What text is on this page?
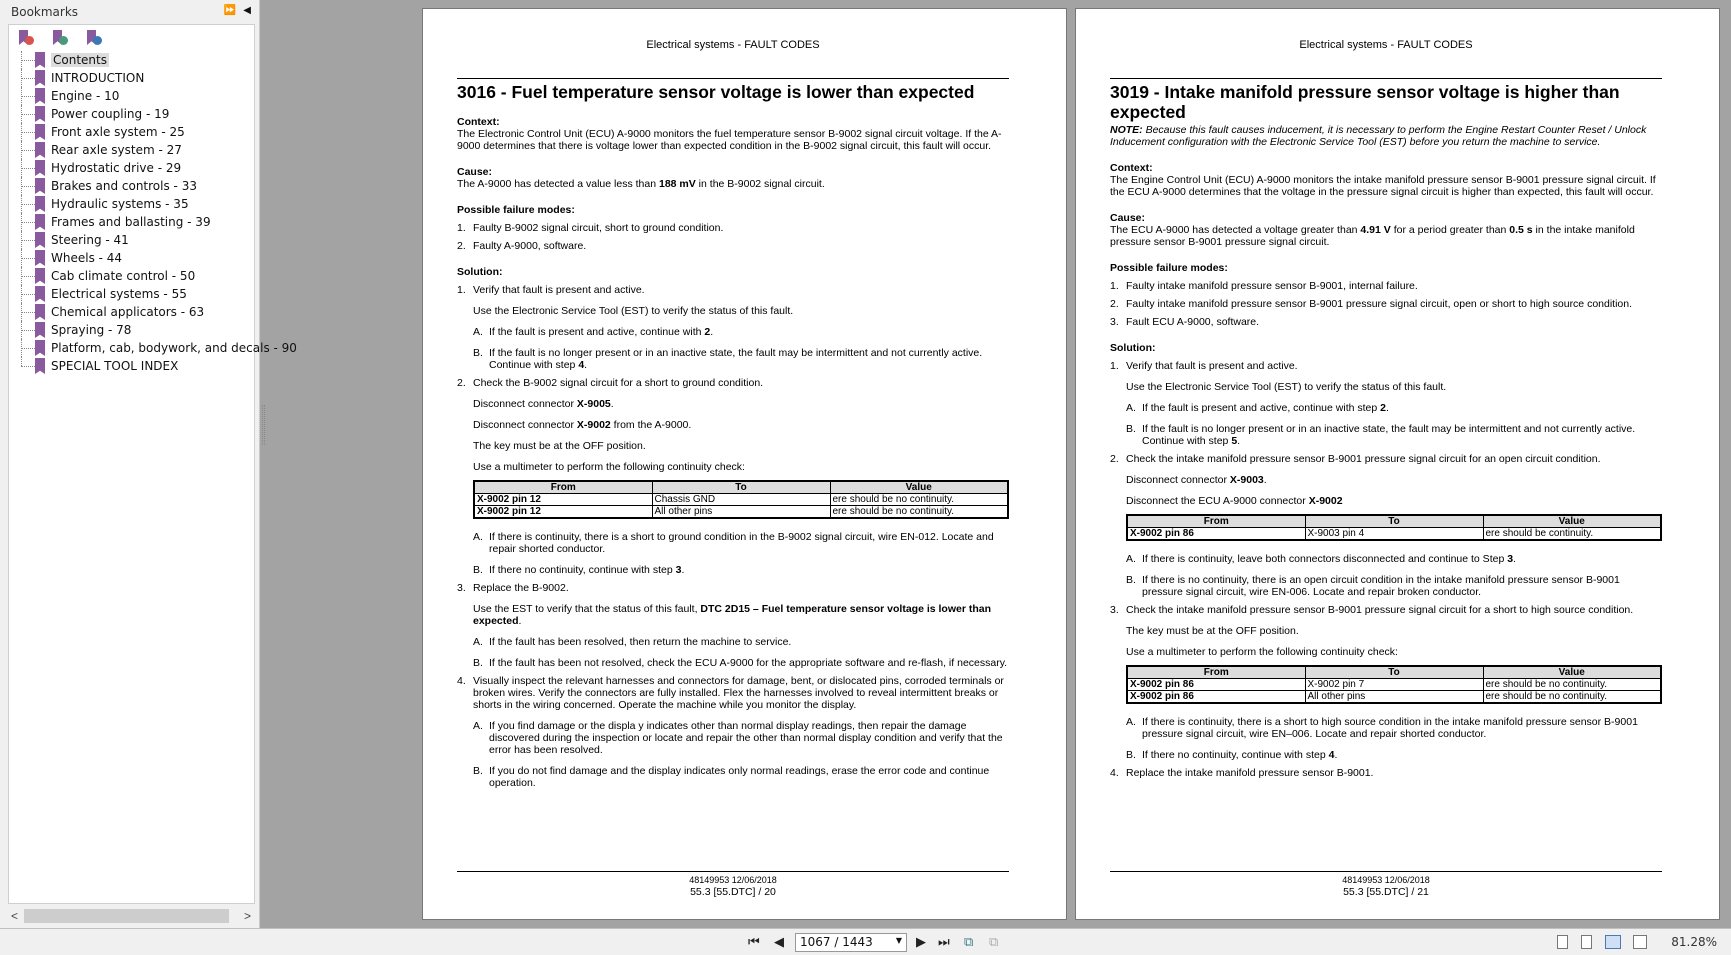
Bookmarks	⏩ ◀
Contents
INTRODUCTION
Engine - 10
Power coupling - 19
Front axle system - 25
Rear axle system - 27
Hydrostatic drive - 29
Brakes and controls - 33
Hydraulic systems - 35
Frames and ballasting - 39
Steering - 41
Wheels - 44
Cab climate control - 50
Electrical systems - 55
Chemical applicators - 63
Spraying - 78
Platform, cab, bodywork, and decals - 90
SPECIAL TOOL INDEX
<	>
Electrical systems - FAULT CODES
3016 - Fuel temperature sensor voltage is lower than expected
Context:
The Electronic Control Unit (ECU) A-9000 monitors the fuel temperature sensor B-9002 signal circuit voltage. If the A-9000 determines that there is voltage lower than expected condition in the B-9002 signal circuit, this fault will occur.
Cause:
The A-9000 has detected a value less than 188 mV in the B-9002 signal circuit.
Possible failure modes:
1. Faulty B-9002 signal circuit, short to ground condition.
2. Faulty A-9000, software.
Solution:
1. Verify that fault is present and active.
Use the Electronic Service Tool (EST) to verify the status of this fault.
A. If the fault is present and active, continue with 2.
B. If the fault is no longer present or in an inactive state, the fault may be intermittent and not currently active. Continue with step 4.
2. Check the B-9002 signal circuit for a short to ground condition.
Disconnect connector X-9005.
Disconnect connector X-9002 from the A-9000.
The key must be at the OFF position.
Use a multimeter to perform the following continuity check:
From	To	Value
X-9002 pin 12	Chassis GND	ere should be no continuity.
X-9002 pin 12	All other pins	ere should be no continuity.
A. If there is continuity, there is a short to ground condition in the B-9002 signal circuit, wire EN-012. Locate and repair shorted conductor.
B. If there no continuity, continue with step 3.
3. Replace the B-9002.
Use the EST to verify that the status of this fault, DTC 2D15 – Fuel temperature sensor voltage is lower than expected.
A. If the fault has been resolved, then return the machine to service.
B. If the fault has been not resolved, check the ECU A-9000 for the appropriate software and re-flash, if necessary.
4. Visually inspect the relevant harnesses and connectors for damage, bent, or dislocated pins, corroded terminals or broken wires. Verify the connectors are fully installed. Flex the harnesses involved to reveal intermittent breaks or shorts in the wiring concerned. Operate the machine while you monitor the display.
A. If you find damage or the displa y indicates other than normal display readings, then repair the damage discovered during the inspection or locate and repair the other than normal display condition and verify that the error has been resolved.
B. If you do not find damage and the display indicates only normal readings, erase the error code and continue operation.
48149953 12/06/2018
55.3 [55.DTC] / 20
Electrical systems - FAULT CODES
3019 - Intake manifold pressure sensor voltage is higher than expected
NOTE: Because this fault causes inducement, it is necessary to perform the Engine Restart Counter Reset / Unlock Inducement configuration with the Electronic Service Tool (EST) before you return the machine to service.
Context:
The Engine Control Unit (ECU) A-9000 monitors the intake manifold pressure sensor B-9001 pressure signal circuit. If the ECU A-9000 determines that the voltage in the pressure signal circuit is higher than expected, this fault will occur.
Cause:
The ECU A-9000 has detected a voltage greater than 4.91 V for a period greater than 0.5 s in the intake manifold pressure sensor B-9001 pressure signal circuit.
Possible failure modes:
1. Faulty intake manifold pressure sensor B-9001, internal failure.
2. Faulty intake manifold pressure sensor B-9001 pressure signal circuit, open or short to high source condition.
3. Fault ECU A-9000, software.
Solution:
1. Verify that fault is present and active.
Use the Electronic Service Tool (EST) to verify the status of this fault.
A. If the fault is present and active, continue with step 2.
B. If the fault is no longer present or in an inactive state, the fault may be intermittent and not currently active. Continue with step 5.
2. Check the intake manifold pressure sensor B-9001 pressure signal circuit for an open circuit condition.
Disconnect connector X-9003.
Disconnect the ECU A-9000 connector X-9002
From	To	Value
X-9002 pin 86	X-9003 pin 4	ere should be continuity.
A. If there is continuity, leave both connectors disconnected and continue to Step 3.
B. If there is no continuity, there is an open circuit condition in the intake manifold pressure sensor B-9001 pressure signal circuit, wire EN-006. Locate and repair broken conductor.
3. Check the intake manifold pressure sensor B-9001 pressure signal circuit for a short to high source condition.
The key must be at the OFF position.
Use a multimeter to perform the following continuity check:
From	To	Value
X-9002 pin 86	X-9002 pin 7	ere should be no continuity.
X-9002 pin 86	All other pins	ere should be no continuity.
A. If there is continuity, there is a short to high source condition in the intake manifold pressure sensor B-9001 pressure signal circuit, wire EN–006. Locate and repair shorted conductor.
B. If there no continuity, continue with step 4.
4. Replace the intake manifold pressure sensor B-9001.
48149953 12/06/2018
55.3 [55.DTC] / 21
⏮ ◀	1067 / 1443	▼ ▶ ⏭ ⧉ ⧉	81.28%
